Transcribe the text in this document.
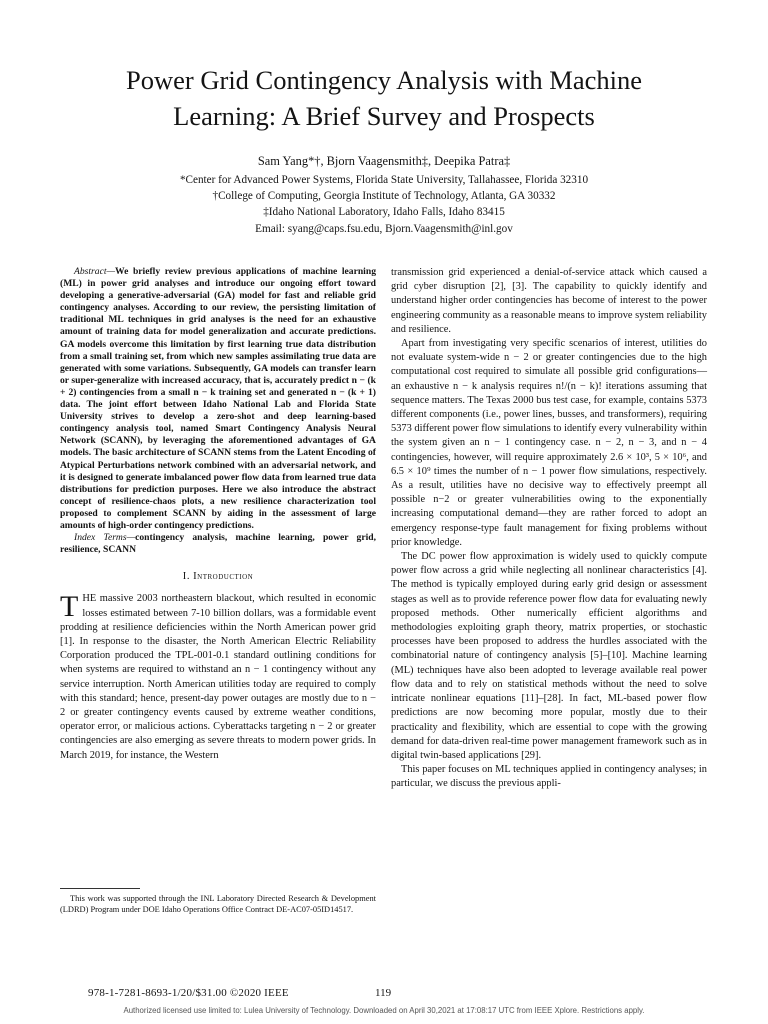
Power Grid Contingency Analysis with Machine
Learning: A Brief Survey and Prospects
Sam Yang*†, Bjorn Vaagensmith‡, Deepika Patra‡
*Center for Advanced Power Systems, Florida State University, Tallahassee, Florida 32310
†College of Computing, Georgia Institute of Technology, Atlanta, GA 30332
‡Idaho National Laboratory, Idaho Falls, Idaho 83415
Email: syang@caps.fsu.edu, Bjorn.Vaagensmith@inl.gov

Abstract—We briefly review previous applications of machine learning (ML) in power grid analyses and introduce our ongoing effort toward developing a generative-adversarial (GA) model for fast and reliable grid contingency analyses. According to our review, the persisting limitation of traditional ML techniques in grid analyses is the need for an exhaustive amount of training data for model generalization and accurate predictions. GA models overcome this limitation by first learning true data distribution from a small training set, from which new samples assimilating true data are generated with some variations. Subsequently, GA models can transfer learn or super-generalize with increased accuracy, that is, accurately predict n − (k + 2) contingencies from a small n − k training set and generated n − (k + 1) data. The joint effort between Idaho National Lab and Florida State University strives to develop a zero-shot and deep learning-based contingency analysis tool, named Smart Contingency Analysis Neural Network (SCANN), by leveraging the aforementioned advantages of GA models. The basic architecture of SCANN stems from the Latent Encoding of Atypical Perturbations network combined with an adversarial network, and it is designed to generate imbalanced power flow data from learned true data distributions for prediction purposes. Here we also introduce the abstract concept of resilience-chaos plots, a new resilience characterization tool proposed to complement SCANN by aiding in the assessment of large amounts of high-order contingency predictions.

Index Terms—contingency analysis, machine learning, power grid, resilience, SCANN

I. Introduction

THE massive 2003 northeastern blackout, which resulted in economic losses estimated between 7-10 billion dollars, was a formidable event prodding at resilience deficiencies within the North American power grid [1]. In response to the disaster, the North American Electric Reliability Corporation produced the TPL-001-0.1 standard outlining conditions for when systems are required to withstand an n − 1 contingency without any service interruption. North American utilities today are required to comply with this standard; hence, present-day power outages are mostly due to n − 2 or greater contingency events caused by extreme weather conditions, operator error, or malicious actions. Cyberattacks targeting n − 2 or greater contingencies are also emerging as severe threats to modern power grids. In March 2019, for instance, the Western

transmission grid experienced a denial-of-service attack which caused a grid cyber disruption [2], [3]. The capability to quickly identify and understand higher order contingencies has become of interest to the power engineering community as a reasonable means to improve system reliability and resilience.

Apart from investigating very specific scenarios of interest, utilities do not evaluate system-wide n − 2 or greater contingencies due to the high computational cost required to simulate all possible grid configurations—an exhaustive n − k analysis requires n!/(n − k)! iterations assuming that sequence matters. The Texas 2000 bus test case, for example, contains 5373 different components (i.e., power lines, busses, and transformers), requiring 5373 different power flow simulations to identify every vulnerability within the system given an n − 1 contingency case. n − 2, n − 3, and n − 4 contingencies, however, will require approximately 2.6 × 10³, 5 × 10⁶, and 6.5 × 10⁹ times the number of n − 1 power flow simulations, respectively. As a result, utilities have no decisive way to effectively preempt all possible n−2 or greater vulnerabilities owing to the exponentially increasing computational demand—they are rather forced to adopt an emergency response-type fault management for fixing problems without prior knowledge.

The DC power flow approximation is widely used to quickly compute power flow across a grid while neglecting all nonlinear characteristics [4]. The method is typically employed during early grid design or assessment stages as well as to provide reference power flow data for evaluating newly proposed methods. Other numerically efficient algorithms and methodologies exploiting graph theory, matrix properties, or stochastic processes have been proposed to address the hurdles associated with the combinatorial nature of contingency analysis [5]–[10]. Machine learning (ML) techniques have also been adopted to leverage available real power flow data and to rely on statistical methods without the need to solve intricate nonlinear equations [11]–[28]. In fact, ML-based power flow predictions are now becoming more popular, mostly due to their practicality and flexibility, which are essential to cope with the growing demand for data-driven real-time power management framework such as in digital twin-based applications [29].

This paper focuses on ML techniques applied in contingency analyses; in particular, we discuss the previous appli-

This work was supported through the INL Laboratory Directed Research & Development (LDRD) Program under DOE Idaho Operations Office Contract DE-AC07-05ID14517.
978-1-7281-8693-1/20/$31.00 ©2020 IEEE	119
Authorized licensed use limited to: Lulea University of Technology. Downloaded on April 30,2021 at 17:08:17 UTC from IEEE Xplore. Restrictions apply.
